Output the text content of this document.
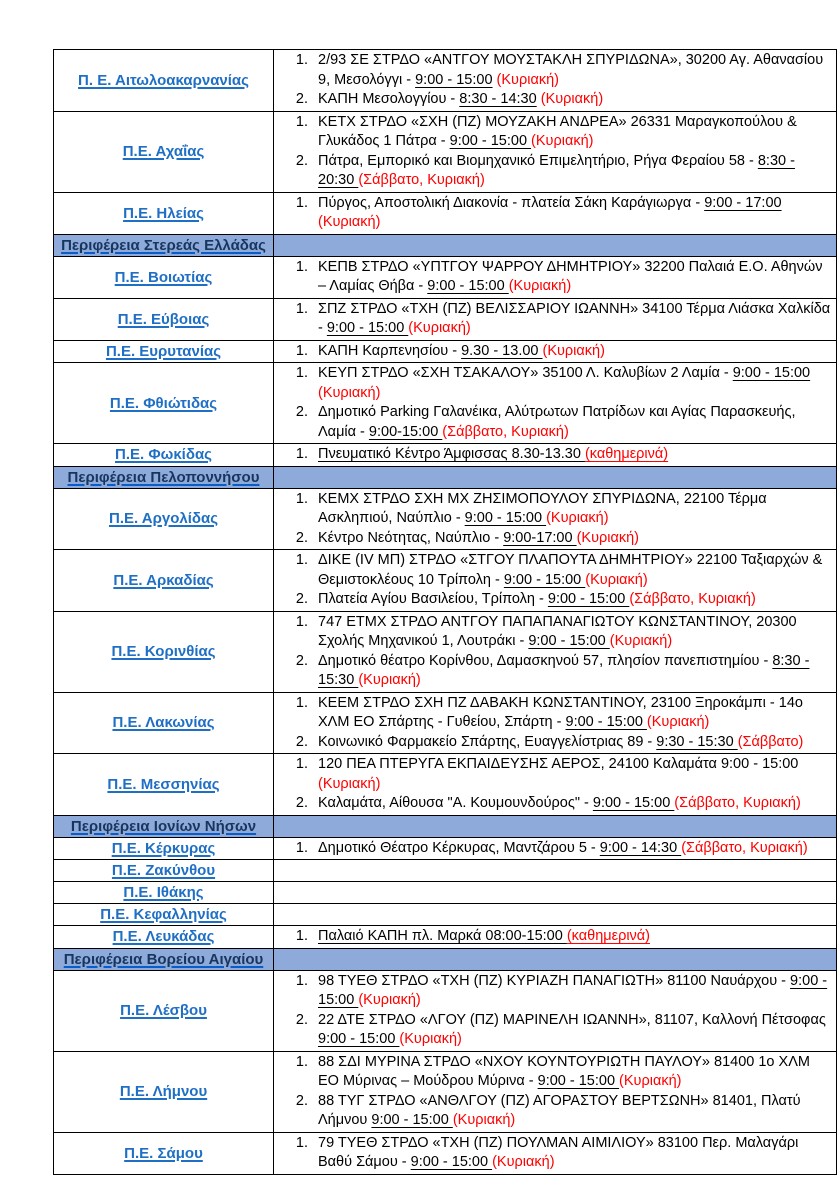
Π. Ε. Αιτωλοακαρνανίας	
1. 2/93 ΣΕ ΣΤΡΔΟ «ΑΝΤΓΟΥ ΜΟΥΣΤΑΚΛΗ ΣΠΥΡΙΔΩΝΑ», 30200 Αγ. Αθανασίου 9, Μεσολόγγι - 9:00 - 15:00 (Κυριακή)
2. ΚΑΠΗ Μεσολογγίου - 8:30 - 14:30 (Κυριακή)

Π.Ε. Αχαΐας	
1. ΚΕΤΧ ΣΤΡΔΟ «ΣΧΗ (ΠΖ) ΜΟΥΖΑΚΗ ΑΝΔΡΕΑ» 26331 Μαραγκοπούλου & Γλυκάδος 1 Πάτρα - 9:00 - 15:00 (Κυριακή)
2. Πάτρα, Εμπορικό και Βιομηχανικό Επιμελητήριο, Ρήγα Φεραίου 58 - 8:30 - 20:30 (Σάββατο, Κυριακή)

Π.Ε. Ηλείας	
1. Πύργος, Αποστολική Διακονία - πλατεία Σάκη Καράγιωργα - 9:00 - 17:00 (Κυριακή)

Περιφέρεια Στερεάς Ελλάδας	
Π.Ε. Βοιωτίας	
1. ΚΕΠΒ ΣΤΡΔΟ «ΥΠΤΓΟΥ ΨΑΡΡΟΥ ΔΗΜΗΤΡΙΟΥ» 32200 Παλαιά Ε.Ο. Αθηνών – Λαμίας Θήβα - 9:00 - 15:00 (Κυριακή)

Π.Ε. Εύβοιας	
1. ΣΠΖ ΣΤΡΔΟ «ΤΧΗ (ΠΖ) ΒΕΛΙΣΣΑΡΙΟΥ ΙΩΑΝΝΗ» 34100 Τέρμα Λιάσκα Χαλκίδα - 9:00 - 15:00 (Κυριακή)

Π.Ε. Ευρυτανίας	
1.ΚΑΠΗ Καρπενησίου - 9.30 - 13.00 (Κυριακή)

Π.Ε. Φθιώτιδας	
1. ΚΕΥΠ ΣΤΡΔΟ «ΣΧΗ ΤΣΑΚΑΛΟΥ» 35100 Λ. Καλυβίων 2 Λαμία - 9:00 - 15:00 (Κυριακή)
2. Δημοτικό Parking Γαλανέικα, Αλύτρωτων Πατρίδων και Αγίας Παρασκευής, Λαμία - 9:00-15:00 (Σάββατο, Κυριακή)

Π.Ε. Φωκίδας	
1.Πνευματικό Κέντρο Άμφισσας 8.30-13.30 (καθημερινά)

Περιφέρεια Πελοποννήσου	
Π.Ε. Αργολίδας	
1. ΚΕΜΧ ΣΤΡΔΟ ΣΧΗ ΜΧ ΖΗΣΙΜΟΠΟΥΛΟΥ ΣΠΥΡΙΔΩΝΑ, 22100 Τέρμα Ασκληπιού, Ναύπλιο - 9:00 - 15:00 (Κυριακή)
2. Κέντρο Νεότητας, Ναύπλιο - 9:00-17:00 (Κυριακή)

Π.Ε. Αρκαδίας	
1. ΔΙΚΕ (IV ΜΠ) ΣΤΡΔΟ «ΣΤΓΟΥ ΠΛΑΠΟΥΤΑ ΔΗΜΗΤΡΙΟΥ» 22100 Ταξιαρχών & Θεμιστοκλέους 10 Τρίπολη - 9:00 - 15:00 (Κυριακή)
2. Πλατεία Αγίου Βασιλείου, Τρίπολη - 9:00 - 15:00 (Σάββατο, Κυριακή)

Π.Ε. Κορινθίας	
1. 747 ΕΤΜΧ ΣΤΡΔΟ ΑΝΤΓΟΥ ΠΑΠΑΠΑΝΑΓΙΩΤΟΥ ΚΩΝΣΤΑΝΤΙΝΟΥ, 20300 Σχολής Μηχανικού 1, Λουτράκι - 9:00 - 15:00 (Κυριακή)
2. Δημοτικό θέατρο Κορίνθου, Δαμασκηνού 57, πλησίον πανεπιστημίου - 8:30 - 15:30 (Κυριακή)

Π.Ε. Λακωνίας	
1. ΚΕΕΜ ΣΤΡΔΟ ΣΧΗ ΠΖ ΔΑΒΑΚΗ ΚΩΝΣΤΑΝΤΙΝΟΥ, 23100 Ξηροκάμπι - 14ο ΧΛΜ ΕΟ Σπάρτης - Γυθείου, Σπάρτη - 9:00 - 15:00 (Κυριακή)
2. Κοινωνικό Φαρμακείο Σπάρτης, Ευαγγελίστριας 89 - 9:30 - 15:30 (Σάββατο)

Π.Ε. Μεσσηνίας	
1. 120 ΠΕΑ ΠΤΕΡΥΓΑ ΕΚΠΑΙΔΕΥΣΗΣ ΑΕΡΟΣ, 24100 Καλαμάτα 9:00 - 15:00 (Κυριακή)
2. Καλαμάτα, Αίθουσα "Α. Κουμουνδούρος" - 9:00 - 15:00 (Σάββατο, Κυριακή)

Περιφέρεια Ιονίων Νήσων	
Π.Ε. Κέρκυρας	
1.Δημοτικό Θέατρο Κέρκυρας, Μαντζάρου 5 - 9:00 - 14:30 (Σάββατο, Κυριακή)

Π.Ε. Ζακύνθου	
Π.Ε. Ιθάκης	
Π.Ε. Κεφαλληνίας	
Π.Ε. Λευκάδας	
1.Παλαιό ΚΑΠΗ πλ. Μαρκά 08:00-15:00 (καθημερινά)

Περιφέρεια Βορείου Αιγαίου	
Π.Ε. Λέσβου	
1. 98 ΤΥΕΘ ΣΤΡΔΟ «ΤΧΗ (ΠΖ) ΚΥΡΙΑΖΗ ΠΑΝΑΓΙΩΤΗ» 81100 Ναυάρχου - 9:00 - 15:00 (Κυριακή)
2. 22 ΔΤΕ ΣΤΡΔΟ «ΛΓΟΥ (ΠΖ) ΜΑΡΙΝΕΛΗ ΙΩΑΝΝΗ», 81107, Καλλονή Πέτσοφας 9:00 - 15:00 (Κυριακή)

Π.Ε. Λήμνου	
1. 88 ΣΔΙ ΜΥΡΙΝΑ ΣΤΡΔΟ «ΝΧΟΥ ΚΟΥΝΤΟΥΡΙΩΤΗ ΠΑΥΛΟΥ» 81400 1ο ΧΛΜ ΕΟ Μύρινας – Μούδρου Μύρινα - 9:00 - 15:00 (Κυριακή)
2. 88 ΤΥΓ ΣΤΡΔΟ «ΑΝΘΛΓΟΥ (ΠΖ) ΑΓΟΡΑΣΤΟΥ ΒΕΡΤΣΩΝΗ» 81401, Πλατύ Λήμνου 9:00 - 15:00 (Κυριακή)

Π.Ε. Σάμου	
1. 79 ΤΥΕΘ ΣΤΡΔΟ «ΤΧΗ (ΠΖ) ΠΟΥΛΜΑΝ ΑΙΜΙΛΙΟΥ» 83100 Περ. Μαλαγάρι Βαθύ Σάμου - 9:00 - 15:00 (Κυριακή)
